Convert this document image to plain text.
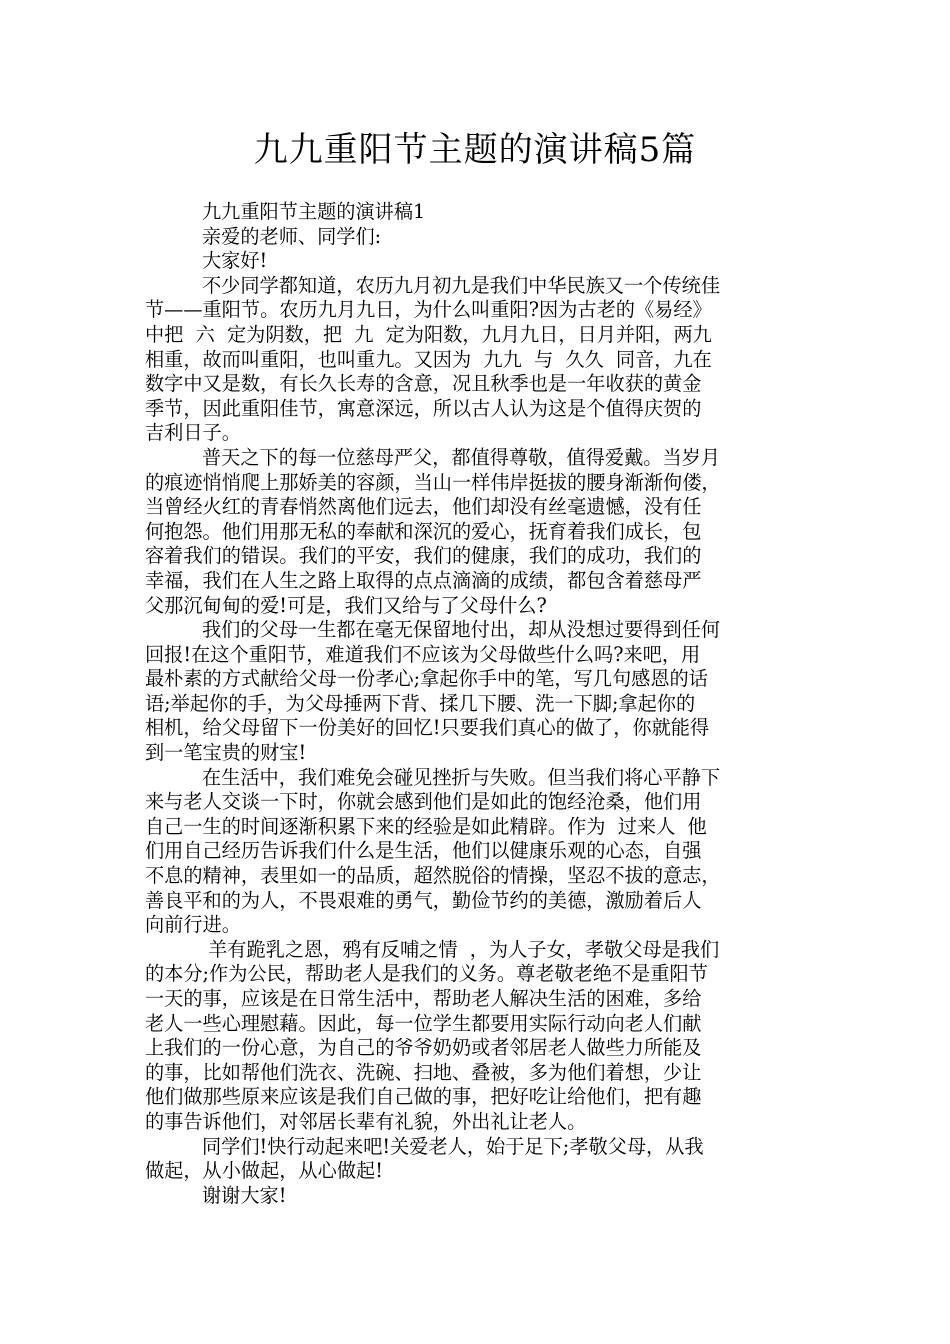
九九重阳节主题的演讲稿5篇
九九重阳节主题的演讲稿1
亲爱的老师、同学们:
大家好!
不少同学都知道，农历九月初九是我们中华民族又一个传统佳
节——重阳节。农历九月九日，为什么叫重阳?因为古老的《易经》
中把  六  定为阴数，把  九  定为阳数，九月九日，日月并阳，两九
相重，故而叫重阳，也叫重九。又因为  九九  与  久久  同音，九在
数字中又是数，有长久长寿的含意，况且秋季也是一年收获的黄金
季节，因此重阳佳节，寓意深远，所以古人认为这是个值得庆贺的
吉利日子。
普天之下的每一位慈母严父，都值得尊敬，值得爱戴。当岁月
的痕迹悄悄爬上那娇美的容颜，当山一样伟岸挺拔的腰身渐渐佝偻，
当曾经火红的青春悄然离他们远去，他们却没有丝毫遗憾，没有任
何抱怨。他们用那无私的奉献和深沉的爱心，抚育着我们成长，包
容着我们的错误。我们的平安，我们的健康，我们的成功，我们的
幸福，我们在人生之路上取得的点点滴滴的成绩，都包含着慈母严
父那沉甸甸的爱!可是，我们又给与了父母什么?
我们的父母一生都在毫无保留地付出，却从没想过要得到任何
回报!在这个重阳节，难道我们不应该为父母做些什么吗?来吧，用
最朴素的方式献给父母一份孝心;拿起你手中的笔，写几句感恩的话
语;举起你的手，为父母捶两下背、揉几下腰、洗一下脚;拿起你的
相机，给父母留下一份美好的回忆!只要我们真心的做了，你就能得
到一笔宝贵的财宝!
在生活中，我们难免会碰见挫折与失败。但当我们将心平静下
来与老人交谈一下时，你就会感到他们是如此的饱经沧桑，他们用
自己一生的时间逐渐积累下来的经验是如此精辟。作为  过来人  他
们用自己经历告诉我们什么是生活，他们以健康乐观的心态，自强
不息的精神，表里如一的品质，超然脱俗的情操，坚忍不拔的意志，
善良平和的为人，不畏艰难的勇气，勤俭节约的美德，激励着后人
向前行进。
羊有跪乳之恩，鸦有反哺之情  ，为人子女，孝敬父母是我们
的本分;作为公民，帮助老人是我们的义务。尊老敬老绝不是重阳节
一天的事，应该是在日常生活中，帮助老人解决生活的困难，多给
老人一些心理慰藉。因此，每一位学生都要用实际行动向老人们献
上我们的一份心意，为自己的爷爷奶奶或者邻居老人做些力所能及
的事，比如帮他们洗衣、洗碗、扫地、叠被，多为他们着想，少让
他们做那些原来应该是我们自己做的事，把好吃让给他们，把有趣
的事告诉他们，对邻居长辈有礼貌，外出礼让老人。
同学们!快行动起来吧!关爱老人，始于足下;孝敬父母，从我
做起，从小做起，从心做起!
谢谢大家!
